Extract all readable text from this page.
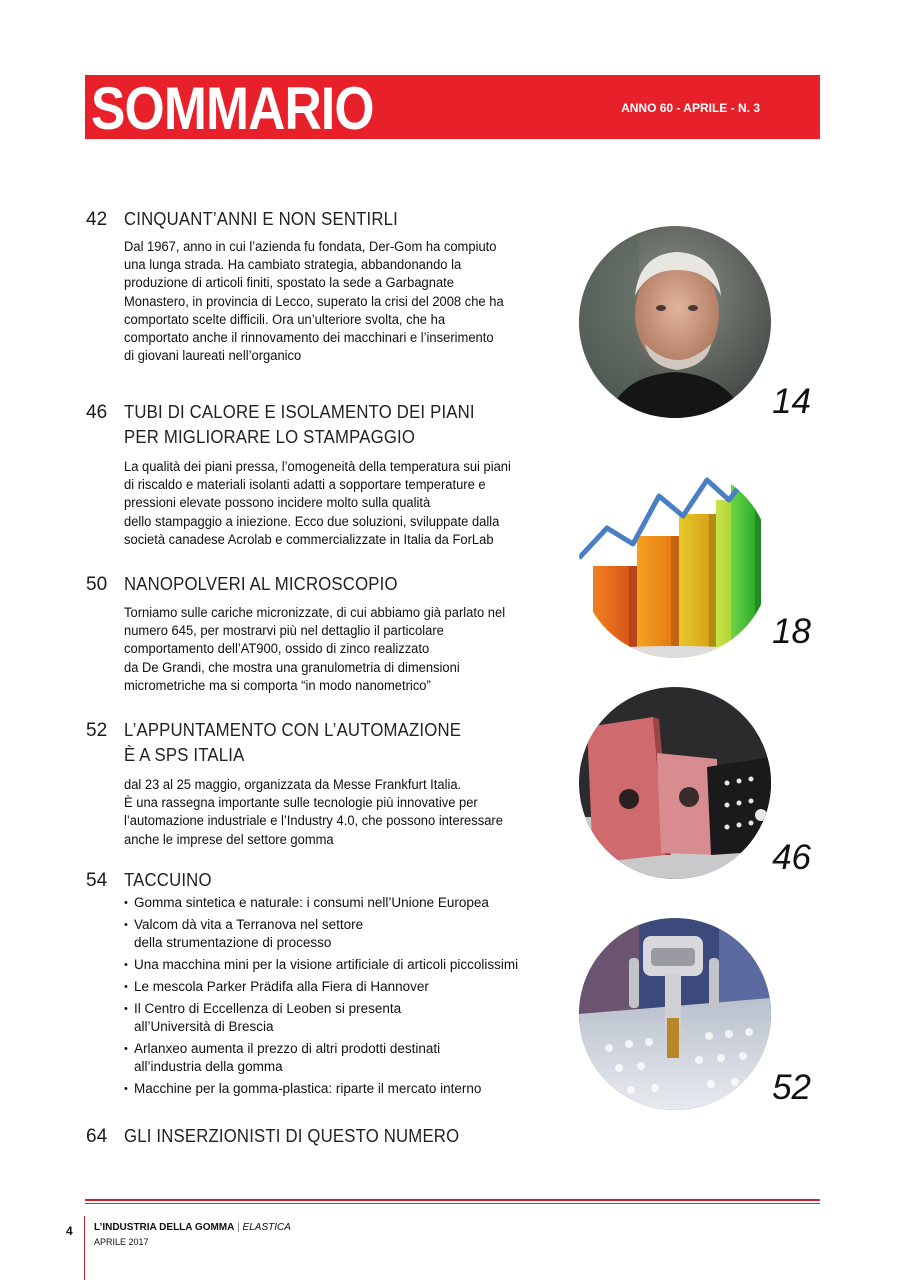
SOMMARIO	ANNO 60 - APRILE - N. 3
42 CINQUANT’ANNI E NON SENTIRLI
Dal 1967, anno in cui l’azienda fu fondata, Der-Gom ha compiuto
una lunga strada. Ha cambiato strategia, abbandonando la
produzione di articoli finiti, spostato la sede a Garbagnate
Monastero, in provincia di Lecco, superato la crisi del 2008 che ha
comportato scelte difficili. Ora un’ulteriore svolta, che ha
comportato anche il rinnovamento dei macchinari e l’inserimento
di giovani laureati nell’organico
46 TUBI DI CALORE E ISOLAMENTO DEI PIANI
PER MIGLIORARE LO STAMPAGGIO
La qualità dei piani pressa, l’omogeneità della temperatura sui piani
di riscaldo e materiali isolanti adatti a sopportare temperature e
pressioni elevate possono incidere molto sulla qualità
dello stampaggio a iniezione. Ecco due soluzioni, sviluppate dalla
società canadese Acrolab e commercializzate in Italia da ForLab
50 NANOPOLVERI AL MICROSCOPIO
Torniamo sulle cariche micronizzate, di cui abbiamo già parlato nel
numero 645, per mostrarvi più nel dettaglio il particolare
comportamento dell’AT900, ossido di zinco realizzato
da De Grandi, che mostra una granulometria di dimensioni
micrometriche ma si comporta “in modo nanometrico”
52 L’APPUNTAMENTO CON L’AUTOMAZIONE
È A SPS ITALIA
dal 23 al 25 maggio, organizzata da Messe Frankfurt Italia.
È una rassegna importante sulle tecnologie più innovative per
l’automazione industriale e l’Industry 4.0, che possono interessare
anche le imprese del settore gomma
54 TACCUINO
• Gomma sintetica e naturale: i consumi nell’Unione Europea
• Valcom dà vita a Terranova nel settore
della strumentazione di processo
• Una macchina mini per la visione artificiale di articoli piccolissimi
• Le mescola Parker Prädifa alla Fiera di Hannover
• Il Centro di Eccellenza di Leoben si presenta
all’Università di Brescia
• Arlanxeo aumenta il prezzo di altri prodotti destinati
all’industria della gomma
• Macchine per la gomma-plastica: riparte il mercato interno
64 GLI INSERZIONISTI DI QUESTO NUMERO
14
18
46
52
4 L’INDUSTRIA DELLA GOMMA | ELASTICA
APRILE 2017
